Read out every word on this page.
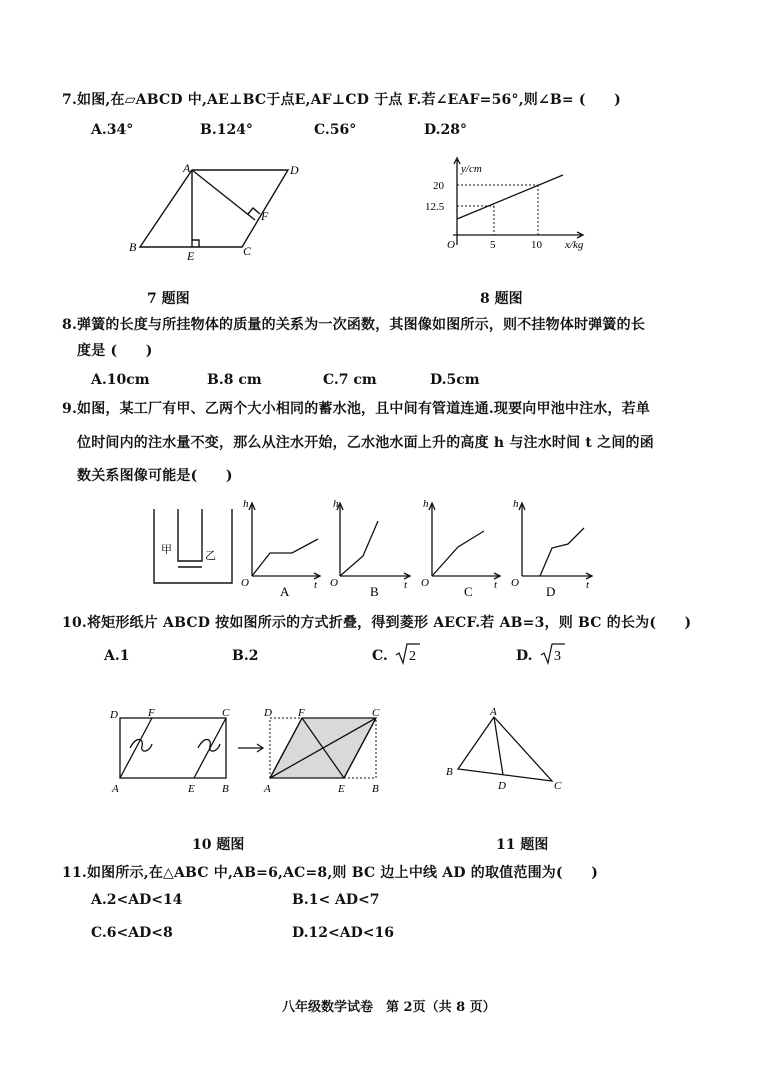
7.如图,在▱ABCD 中,AE⊥BC于点E,AF⊥CD 于点 F.若∠EAF=56°,则∠B= (　　)
A.34°	B.124°	C.56°	D.28°
A	D
B
E	C
F
y/cm
x/kg
O
20
12.5
5	10
7 题图	8 题图
8.弹簧的长度与所挂物体的质量的关系为一次函数，其图像如图所示，则不挂物体时弹簧的长
度是 (　　)
A.10cm	B.8 cm	C.7 cm	D.5cm
9.如图，某工厂有甲、乙两个大小相同的蓄水池，且中间有管道连通.现要向甲池中注水，若单
位时间内的注水量不变，那么从注水开始，乙水池水面上升的高度 h 与注水时间 t 之间的函
数关系图像可能是(　　)
甲	乙
h
O	t
A
h
O	t
B
h
O	t
C
h
O	t
D
10.将矩形纸片 ABCD 按如图所示的方式折叠，得到菱形 AECF.若 AB=3，则 BC 的长为(　　)
A.1	B.2	C. 2	D. 3
D	F	C
A	E B
D F	C
A	E B
A
B
C
D
10 题图	11 题图
11.如图所示,在△ABC 中,AB=6,AC=8,则 BC 边上中线 AD 的取值范围为(　　)
A.2<AD<14	B.1< AD<7
C.6<AD<8	D.12<AD<16
八年级数学试卷　第 2页（共 8 页）
